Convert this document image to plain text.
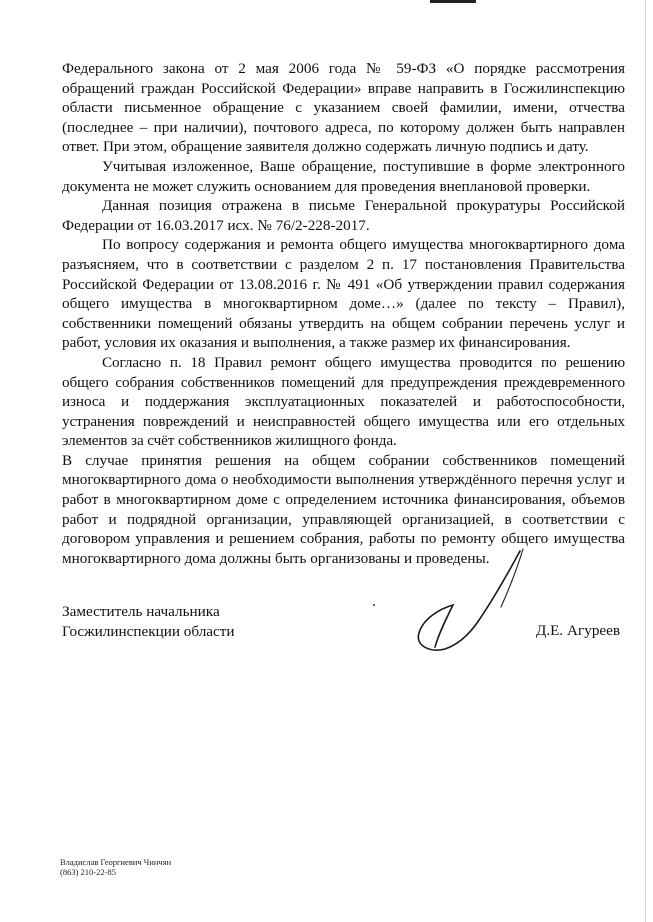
Федерального закона от 2 мая 2006 года № 59-ФЗ «О порядке рассмотрения обращений граждан Российской Федерации» вправе направить в Госжилинспекцию области письменное обращение с указанием своей фамилии, имени, отчества (последнее – при наличии), почтового адреса, по которому должен быть направлен ответ. При этом, обращение заявителя должно содержать личную подпись и дату.

Учитывая изложенное, Ваше обращение, поступившие в форме электронного документа не может служить основанием для проведения внеплановой проверки.

Данная позиция отражена в письме Генеральной прокуратуры Российской Федерации от 16.03.2017 исх. № 76/2-228-2017.

По вопросу содержания и ремонта общего имущества многоквартирного дома разъясняем, что в соответствии с разделом 2 п. 17 постановления Правительства Российской Федерации от 13.08.2016 г. № 491 «Об утверждении правил содержания общего имущества в многоквартирном доме…» (далее по тексту – Правил), собственники помещений обязаны утвердить на общем собрании перечень услуг и работ, условия их оказания и выполнения, а также размер их финансирования.

Согласно п. 18 Правил ремонт общего имущества проводится по решению общего собрания собственников помещений для предупреждения преждевременного износа и поддержания эксплуатационных показателей и работоспособности, устранения повреждений и неисправностей общего имущества или его отдельных элементов за счёт собственников жилищного фонда.

В случае принятия решения на общем собрании собственников помещений многоквартирного дома о необходимости выполнения утверждённого перечня услуг и работ в многоквартирном доме с определением источника финансирования, объемов работ и подрядной организации, управляющей организацией, в соответствии с договором управления и решением собрания, работы по ремонту общего имущества многоквартирного дома должны быть организованы и проведены.

Заместитель начальника
Госжилинспекции области	Д.Е. Агуреев
Владислав Георгиевич Чинчян
(863) 210-22-85
